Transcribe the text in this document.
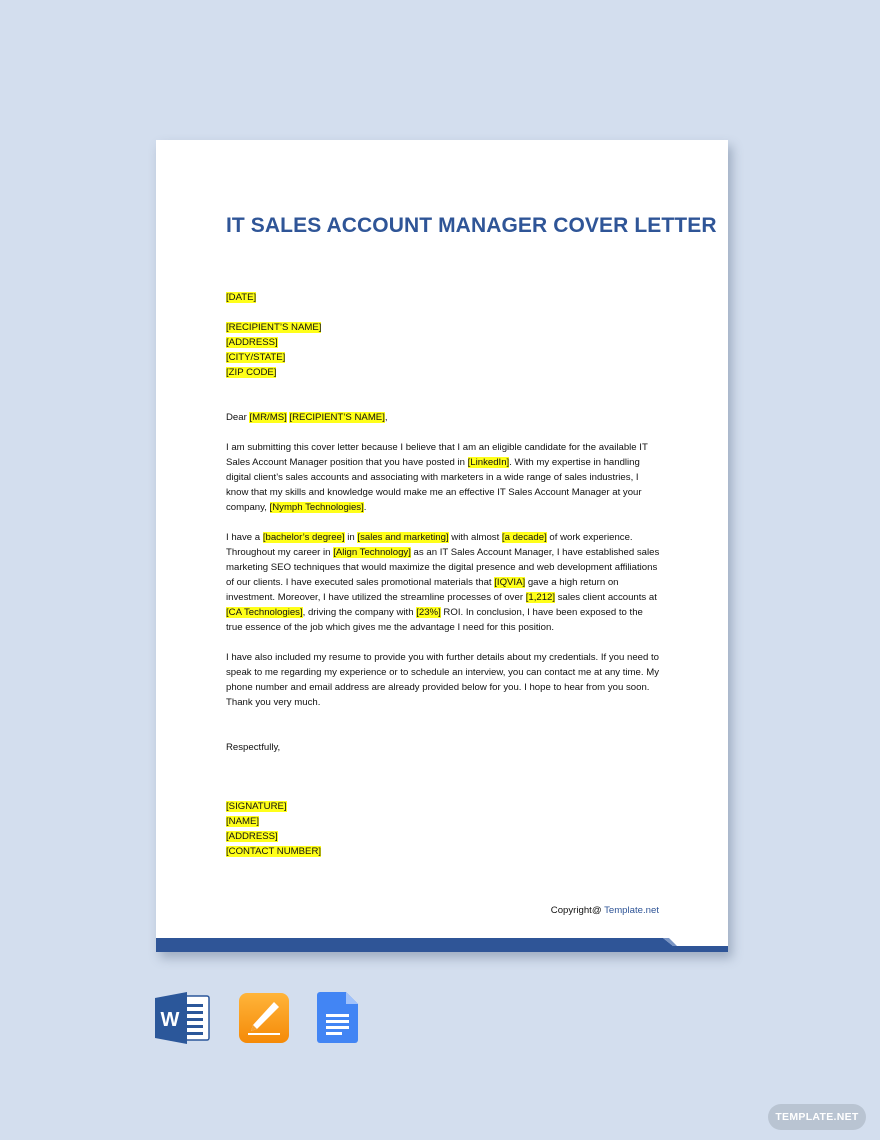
IT SALES ACCOUNT MANAGER COVER LETTER

[DATE]

[RECIPIENT’S NAME]

[ADDRESS]

[CITY/STATE]

[ZIP CODE]

Dear [MR/MS] [RECIPIENT’S NAME],

I am submitting this cover letter because I believe that I am an eligible candidate for the available IT Sales Account Manager position that you have posted in [LinkedIn]. With my expertise in handling digital client’s sales accounts and associating with marketers in a wide range of sales industries, I know that my skills and knowledge would make me an effective IT Sales Account Manager at your company, [Nymph Technologies].

I have a [bachelor’s degree] in [sales and marketing] with almost [a decade] of work experience. Throughout my career in [Align Technology] as an IT Sales Account Manager, I have established sales marketing SEO techniques that would maximize the digital presence and web development affiliations of our clients. I have executed sales promotional materials that [IQVIA] gave a high return on investment. Moreover, I have utilized the streamline processes of over [1,212] sales client accounts at [CA Technologies], driving the company with [23%] ROI. In conclusion, I have been exposed to the true essence of the job which gives me the advantage I need for this position.

I have also included my resume to provide you with further details about my credentials. If you need to speak to me regarding my experience or to schedule an interview, you can contact me at any time. My phone number and email address are already provided below for you. I hope to hear from you soon. Thank you very much.

Respectfully,

[SIGNATURE]

[NAME]

[ADDRESS]

[CONTACT NUMBER]

Copyright@ Template.net
W
TEMPLATE.NET
